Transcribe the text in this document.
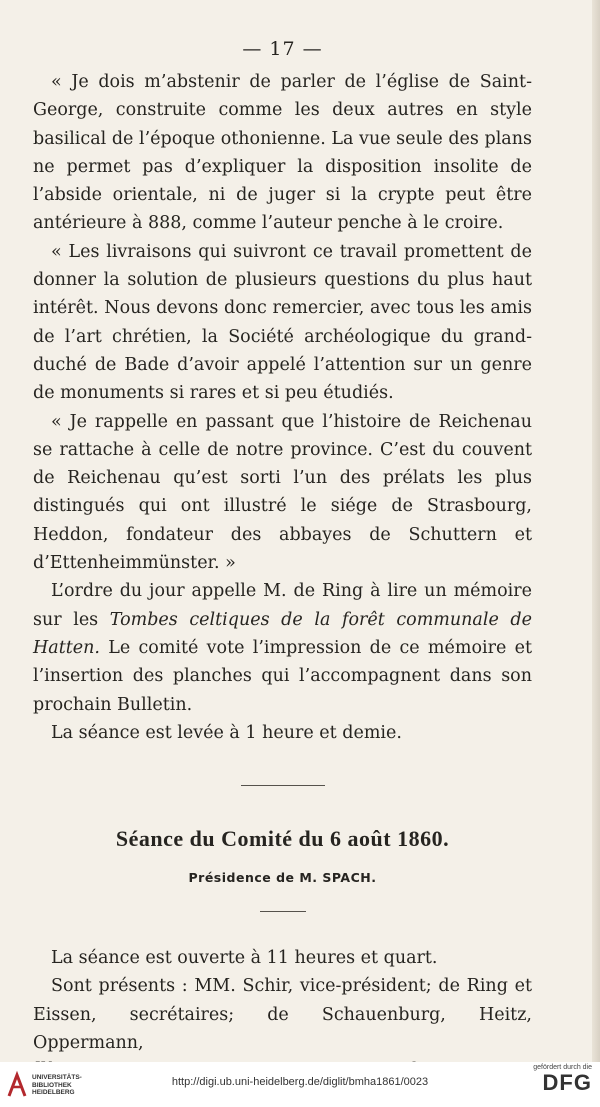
— 17 —

« Je dois m’abstenir de parler de l’église de Saint-George, construite comme les deux autres en style basilical de l’époque othonienne. La vue seule des plans ne permet pas d’expliquer la disposition insolite de l’abside orientale, ni de juger si la crypte peut être antérieure à 888, comme l’auteur penche à le croire.

« Les livraisons qui suivront ce travail promettent de donner la solution de plusieurs questions du plus haut intérêt. Nous devons donc remercier, avec tous les amis de l’art chrétien, la Société archéologique du grand-duché de Bade d’avoir appelé l’attention sur un genre de monuments si rares et si peu étudiés.

« Je rappelle en passant que l’histoire de Reichenau se rattache à celle de notre province. C’est du couvent de Reichenau qu’est sorti l’un des prélats les plus distingués qui ont illustré le siége de Strasbourg, Heddon, fondateur des abbayes de Schuttern et d’Ettenheimmünster. »

L’ordre du jour appelle M. de Ring à lire un mémoire sur les Tombes celtiques de la forêt communale de Hatten. Le comité vote l’impression de ce mémoire et l’insertion des planches qui l’accompagnent dans son prochain Bulletin.

La séance est levée à 1 heure et demie.

Séance du Comité du 6 août 1860.
Présidence de M. SPACH.

La séance est ouverte à 11 heures et quart.

Sont présents : MM. Schir, vice-président; de Ring et Eissen, secrétaires; de Schauenburg, Heitz, Oppermann,

UNIVERSITÄTS-
BIBLIOTHEK
HEIDELBERG
http://digi.ub.uni-heidelberg.de/diglit/bmha1861/0023
gefördert durch die
DFG
